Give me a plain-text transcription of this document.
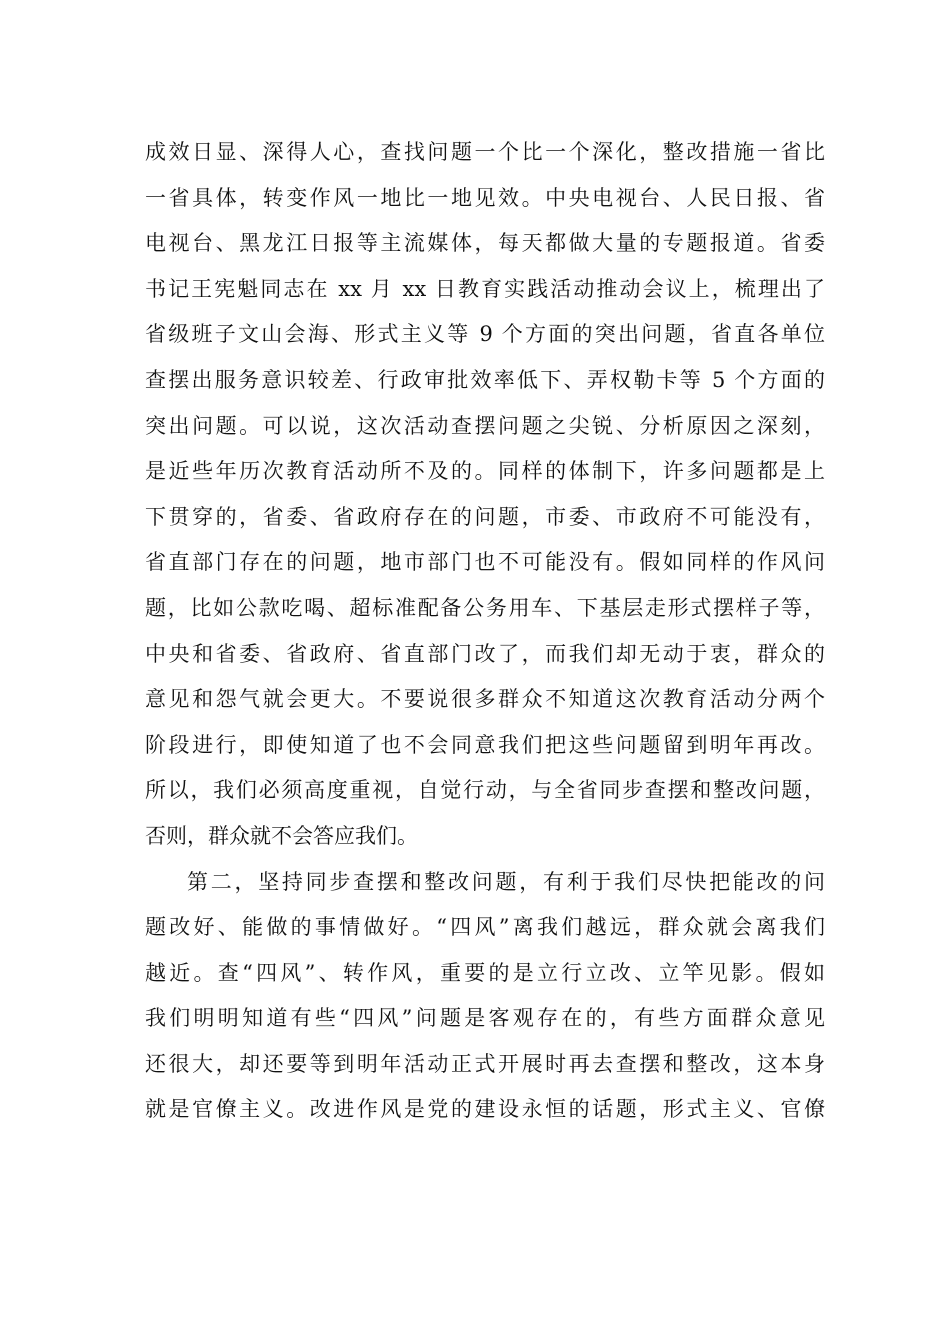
成效日显、深得人心，查找问题一个比一个深化，整改措施一省比
一省具体，转变作风一地比一地见效。中央电视台、人民日报、省
电视台、黑龙江日报等主流媒体，每天都做大量的专题报道。省委
书记王宪魁同志在 xx 月 xx 日教育实践活动推动会议上，梳理出了
省级班子文山会海、形式主义等 9 个方面的突出问题，省直各单位
查摆出服务意识较差、行政审批效率低下、弄权勒卡等 5 个方面的
突出问题。可以说，这次活动查摆问题之尖锐、分析原因之深刻，
是近些年历次教育活动所不及的。同样的体制下，许多问题都是上
下贯穿的，省委、省政府存在的问题，市委、市政府不可能没有，
省直部门存在的问题，地市部门也不可能没有。假如同样的作风问
题，比如公款吃喝、超标准配备公务用车、下基层走形式摆样子等，
中央和省委、省政府、省直部门改了，而我们却无动于衷，群众的
意见和怨气就会更大。不要说很多群众不知道这次教育活动分两个
阶段进行，即使知道了也不会同意我们把这些问题留到明年再改。
所以，我们必须高度重视，自觉行动，与全省同步查摆和整改问题，
否则，群众就不会答应我们。
第二，坚持同步查摆和整改问题，有利于我们尽快把能改的问
题改好、能做的事情做好。“四风”离我们越远，群众就会离我们
越近。查“四风”、转作风，重要的是立行立改、立竿见影。假如
我们明明知道有些“四风”问题是客观存在的，有些方面群众意见
还很大，却还要等到明年活动正式开展时再去查摆和整改，这本身
就是官僚主义。改进作风是党的建设永恒的话题，形式主义、官僚
